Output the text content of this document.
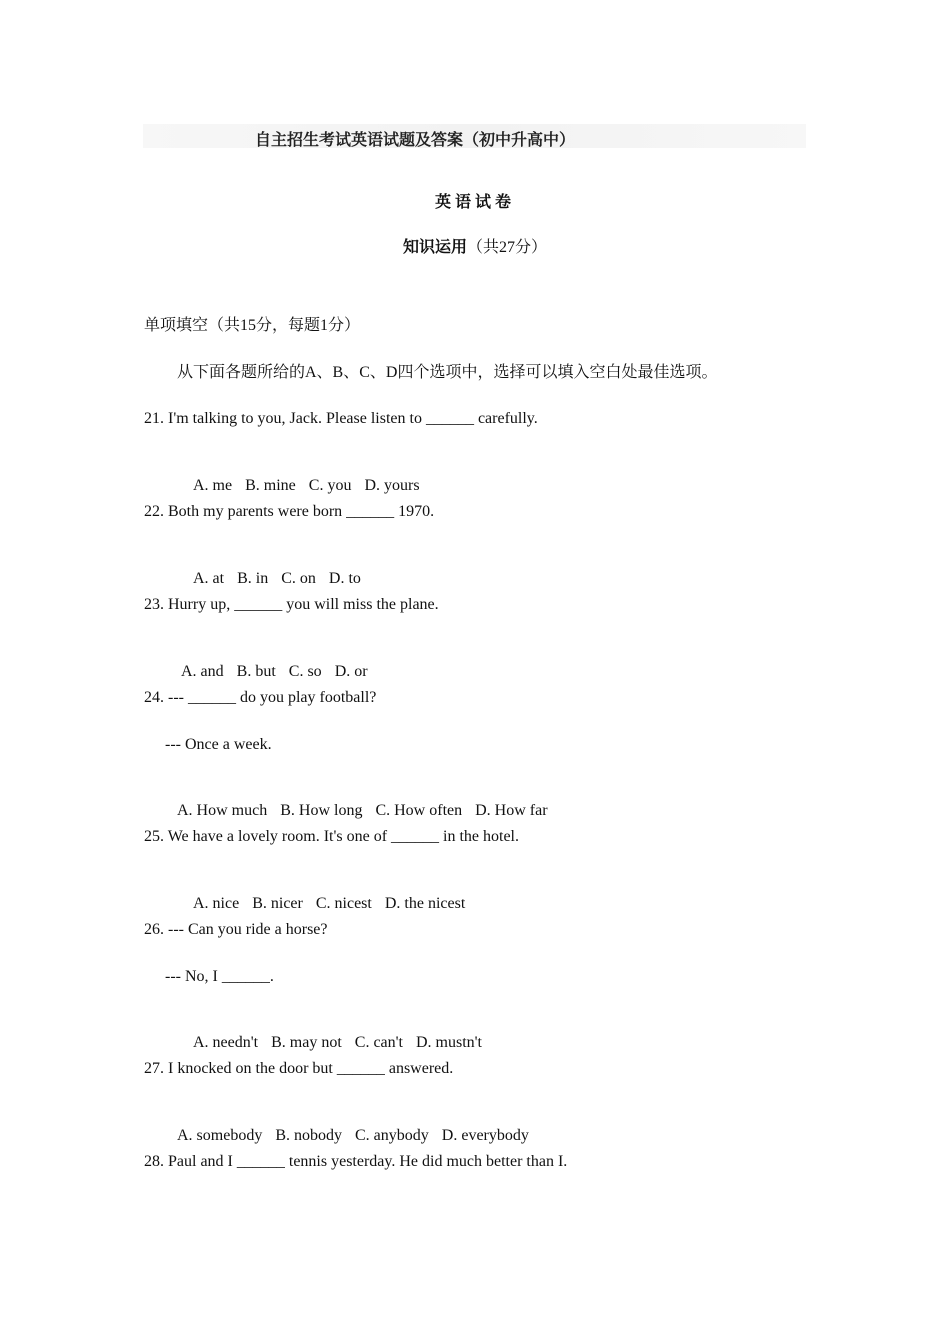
自主招生考试英语试题及答案（初中升高中）
英语试卷
知识运用（共27分）
单项填空（共15分，每题1分）
从下面各题所给的A、B、C、D四个选项中，选择可以填入空白处最佳选项。
21. I'm talking to you, Jack. Please listen to ______ carefully.

A. me B. mine C. you D. yours

22. Both my parents were born ______ 1970.

A. at B. in C. on D. to

23. Hurry up, ______ you will miss the plane.

A. and B. but C. so D. or

24. --- ______ do you play football?
--- Once a week.

A. How much B. How long C. How often D. How far

25. We have a lovely room. It's one of ______ in the hotel.

A. nice B. nicer C. nicest D. the nicest

26. --- Can you ride a horse?
--- No, I ______.

A. needn't B. may not C. can't D. mustn't

27. I knocked on the door but ______ answered.

A. somebody B. nobody C. anybody D. everybody

28. Paul and I ______ tennis yesterday. He did much better than I.
